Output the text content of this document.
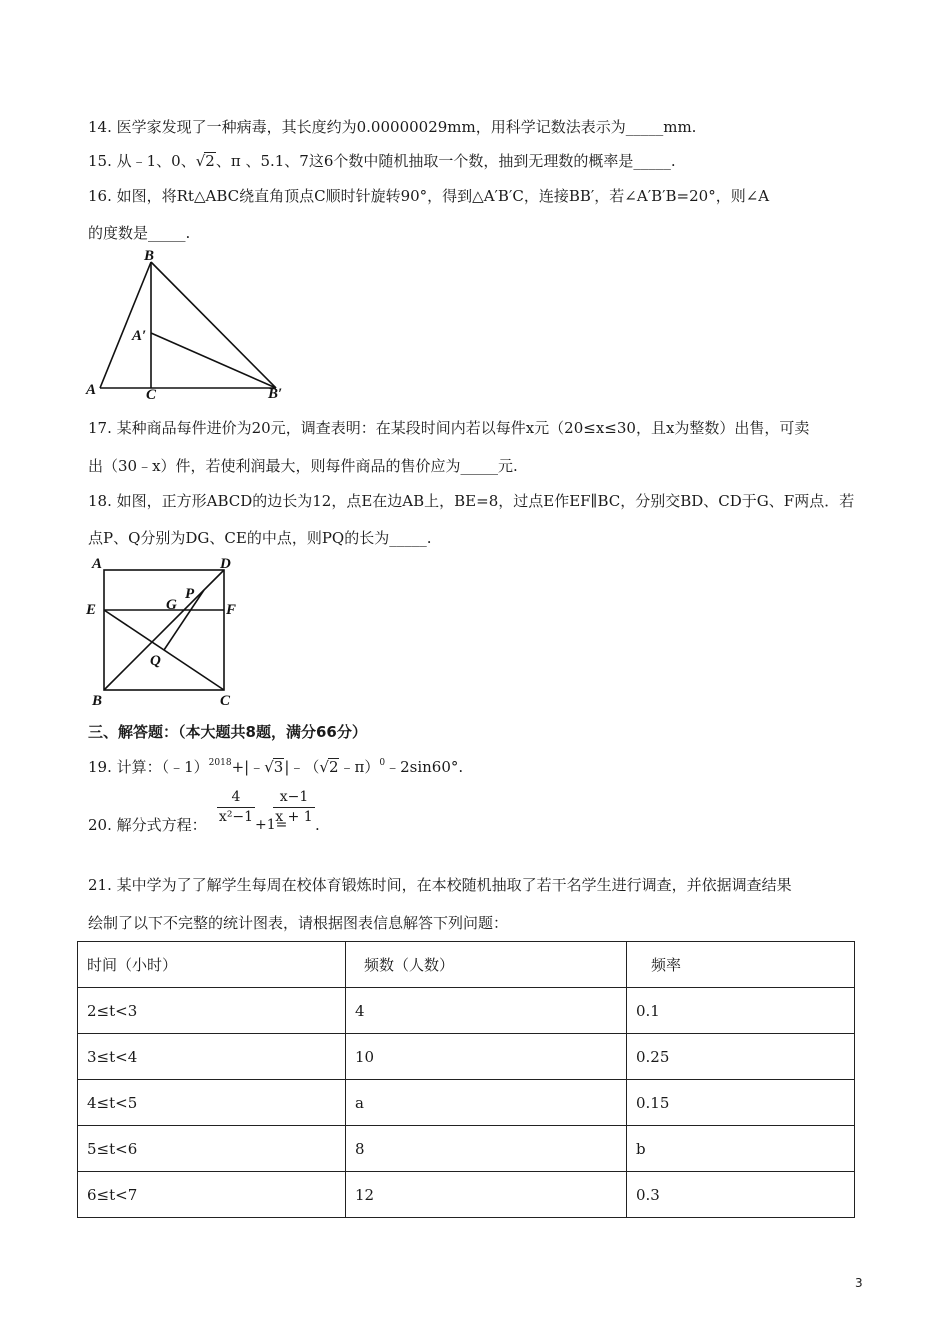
14. 医学家发现了一种病毒，其长度约为0.00000029mm，用科学记数法表示为_____mm.
15. 从﹣1、0、√2、π 、5.1、7这6个数中随机抽取一个数，抽到无理数的概率是_____.
16. 如图，将Rt△ABC绕直角顶点C顺时针旋转90°，得到△A′B′C，连接BB′，若∠A′B′B=20°，则∠A
的度数是_____.
B
A′
A	C	B′
17. 某种商品每件进价为20元，调查表明：在某段时间内若以每件x元（20≤x≤30，且x为整数）出售，可卖
出（30﹣x）件，若使利润最大，则每件商品的售价应为_____元.
18. 如图，正方形ABCD的边长为12，点E在边AB上，BE=8，过点E作EF∥BC，分别交BD、CD于G、F两点．若
点P、Q分别为DG、CE的中点，则PQ的长为_____.
A	D
E	G
P
F
Q
B	C
三、解答题：（本大题共8题，满分66分）
19. 计算：（﹣1）$^{2018}$+|﹣√3|﹣（√2﹣π）$^0$﹣2sin60°.
20. 解分式方程： $\frac{4}{\text{x²−1}} +1=$
$\frac{x-1}{x + 1}$ .
21. 某中学为了了解学生每周在校体育锻炼时间，在本校随机抽取了若干名学生进行调查，并依据调查结果
绘制了以下不完整的统计图表，请根据图表信息解答下列问题：
时间（小时）	频数（人数）	频率
2≤t<3	4	0.1
3≤t<4	10	0.25
4≤t<5	a	0.15
5≤t<6	8	b
6≤t<7	12	0.3
3
